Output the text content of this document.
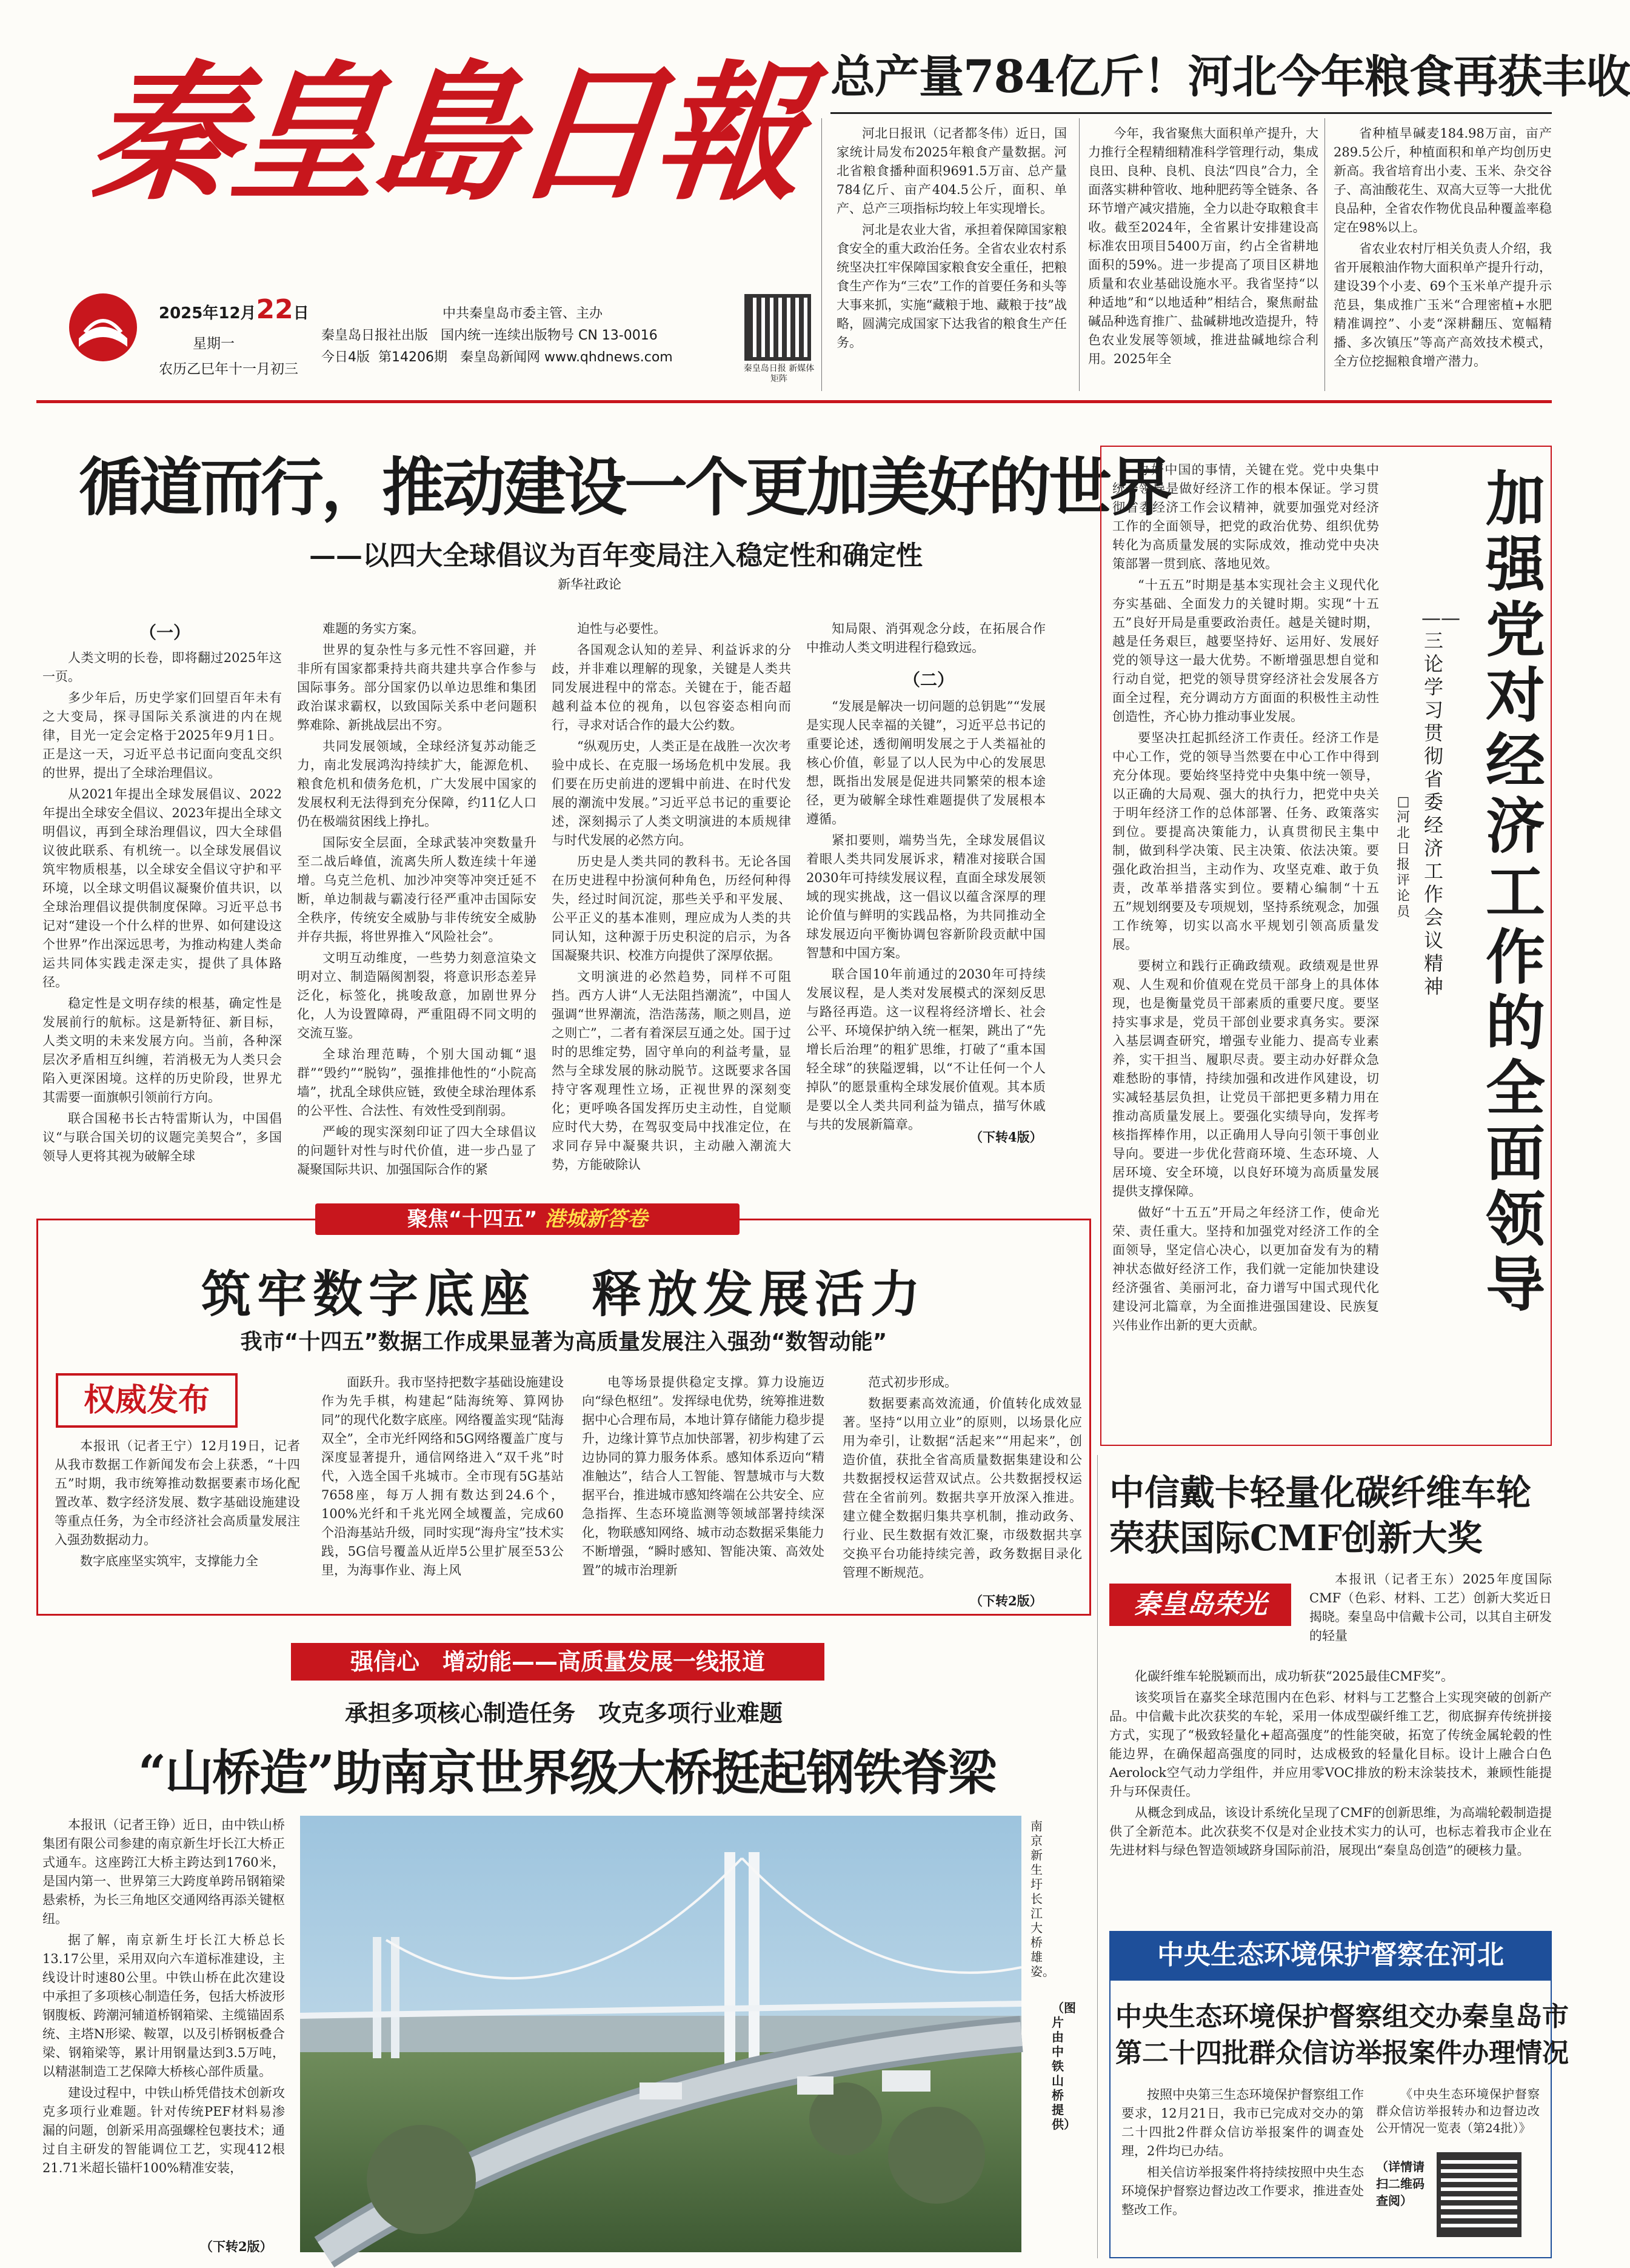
秦皇島日報
2025年12月22日
星期一
农历乙巳年十一月初三
中共秦皇岛市委主管、主办
秦皇岛日报社出版 国内统一连续出版物号 CN 13-0016
今日4版 第14206期 秦皇岛新闻网 www.qhdnews.com
秦皇岛日报 新媒体矩阵
总产量784亿斤！河北今年粮食再获丰收

河北日报讯（记者都冬伟）近日，国家统计局发布2025年粮食产量数据。河北省粮食播种面积9691.5万亩、总产量784亿斤、亩产404.5公斤，面积、单产、总产三项指标均较上年实现增长。

河北是农业大省，承担着保障国家粮食安全的重大政治任务。全省农业农村系统坚决扛牢保障国家粮食安全重任，把粮食生产作为“三农”工作的首要任务和头等大事来抓，实施“藏粮于地、藏粮于技”战略，圆满完成国家下达我省的粮食生产任务。

今年，我省聚焦大面积单产提升，大力推行全程精细精准科学管理行动，集成良田、良种、良机、良法“四良”合力，全面落实耕种管收、地种肥药等全链条、各环节增产减灾措施，全力以赴夺取粮食丰收。截至2024年，全省累计安排建设高标准农田项目5400万亩，约占全省耕地面积的59%。进一步提高了项目区耕地质量和农业基础设施水平。我省坚持“以种适地”和“以地适种”相结合，聚焦耐盐碱品种选育推广、盐碱耕地改造提升，特色农业发展等领域，推进盐碱地综合利用。2025年全

省种植旱碱麦184.98万亩，亩产289.5公斤，种植面积和单产均创历史新高。我省培育出小麦、玉米、杂交谷子、高油酸花生、双高大豆等一大批优良品种，全省农作物优良品种覆盖率稳定在98%以上。

省农业农村厅相关负责人介绍，我省开展粮油作物大面积单产提升行动，建设39个小麦、69个玉米单产提升示范县，集成推广玉米“合理密植+水肥精准调控”、小麦“深耕翻压、宽幅精播、多次镇压”等高产高效技术模式，全方位挖掘粮食增产潜力。

循道而行，推动建设一个更加美好的世界
——以四大全球倡议为百年变局注入稳定性和确定性
新华社政论
（一）

人类文明的长卷，即将翻过2025年这一页。

多少年后，历史学家们回望百年未有之大变局，探寻国际关系演进的内在规律，目光一定会定格于2025年9月1日。正是这一天，习近平总书记面向变乱交织的世界，提出了全球治理倡议。

从2021年提出全球发展倡议、2022年提出全球安全倡议、2023年提出全球文明倡议，再到全球治理倡议，四大全球倡议彼此联系、有机统一。以全球发展倡议筑牢物质根基，以全球安全倡议守护和平环境，以全球文明倡议凝聚价值共识，以全球治理倡议提供制度保障。习近平总书记对“建设一个什么样的世界、如何建设这个世界”作出深远思考，为推动构建人类命运共同体实践走深走实，提供了具体路径。

稳定性是文明存续的根基，确定性是发展前行的航标。这是新特征、新目标，人类文明的未来发展方向。当前，各种深层次矛盾相互纠缠，若消极无为人类只会陷入更深困境。这样的历史阶段，世界尤其需要一面旗帜引领前行方向。

联合国秘书长古特雷斯认为，中国倡议“与联合国关切的议题完美契合”，多国领导人更将其视为破解全球

难题的务实方案。

世界的复杂性与多元性不容回避，并非所有国家都秉持共商共建共享合作参与国际事务。部分国家仍以单边思维和集团政治谋求霸权，以致国际关系中老问题积弊难除、新挑战层出不穷。

共同发展领域，全球经济复苏动能乏力，南北发展鸿沟持续扩大，能源危机、粮食危机和债务危机，广大发展中国家的发展权利无法得到充分保障，约11亿人口仍在极端贫困线上挣扎。

国际安全层面，全球武装冲突数量升至二战后峰值，流离失所人数连续十年递增。乌克兰危机、加沙冲突等冲突迁延不断，单边制裁与霸凌行径严重冲击国际安全秩序，传统安全威胁与非传统安全威胁并存共振，将世界推入“风险社会”。

文明互动维度，一些势力刻意渲染文明对立、制造隔阂割裂，将意识形态差异泛化，标签化，挑唆敌意，加剧世界分化，人为设置障碍，严重阻碍不同文明的交流互鉴。

全球治理范畴，个别大国动辄“退群”“毁约”“脱钩”，强推排他性的“小院高墙”，扰乱全球供应链，致使全球治理体系的公平性、合法性、有效性受到削弱。

严峻的现实深刻印证了四大全球倡议的问题针对性与时代价值，进一步凸显了凝聚国际共识、加强国际合作的紧

迫性与必要性。

各国观念认知的差异、利益诉求的分歧，并非难以理解的现象，关键是人类共同发展进程中的常态。关键在于，能否超越利益本位的视角，以包容姿态相向而行，寻求对话合作的最大公约数。

“纵观历史，人类正是在战胜一次次考验中成长、在克服一场场危机中发展。我们要在历史前进的逻辑中前进、在时代发展的潮流中发展。”习近平总书记的重要论述，深刻揭示了人类文明演进的本质规律与时代发展的必然方向。

历史是人类共同的教科书。无论各国在历史进程中扮演何种角色，历经何种得失，经过时间沉淀，那些关乎和平发展、公平正义的基本准则，理应成为人类的共同认知，这种源于历史积淀的启示，为各国凝聚共识、校准方向提供了深厚依据。

文明演进的必然趋势，同样不可阻挡。西方人讲“人无法阻挡潮流”，中国人强调“世界潮流，浩浩荡荡，顺之则昌，逆之则亡”，二者有着深层互通之处。国于过时的思维定势，固守单向的利益考量，显然与全球发展的脉动脱节。这既要求各国持守客观理性立场，正视世界的深刻变化；更呼唤各国发挥历史主动性，自觉顺应时代大势，在驾驭变局中找准定位，在求同存异中凝聚共识，主动融入潮流大势，方能破除认

知局限、消弭观念分歧，在拓展合作中推动人类文明进程行稳致远。

（二）

“发展是解决一切问题的总钥匙”“发展是实现人民幸福的关键”，习近平总书记的重要论述，透彻阐明发展之于人类福祉的核心价值，彰显了以人民为中心的发展思想，既指出发展是促进共同繁荣的根本途径，更为破解全球性难题提供了发展根本遵循。

紧扣要则，端势当先，全球发展倡议着眼人类共同发展诉求，精准对接联合国2030年可持续发展议程，直面全球发展领域的现实挑战，这一倡议以蕴含深厚的理论价值与鲜明的实践品格，为共同推动全球发展迈向平衡协调包容新阶段贡献中国智慧和中国方案。

联合国10年前通过的2030年可持续发展议程，是人类对发展模式的深刻反思与路径再造。这一议程将经济增长、社会公平、环境保护纳入统一框架，跳出了“先增长后治理”的粗犷思维，打破了“重本国轻全球”的狭隘逻辑，以“不让任何一个人掉队”的愿景重构全球发展价值观。其本质是要以全人类共同利益为锚点，描写休戚与共的发展新篇章。

（下转4版）
加强党对经济工作的全面领导
——三论学习贯彻省委经济工作会议精神
□河北日报评论员

办好中国的事情，关键在党。党中央集中统一领导是做好经济工作的根本保证。学习贯彻省委经济工作会议精神，就要加强党对经济工作的全面领导，把党的政治优势、组织优势转化为高质量发展的实际成效，推动党中央决策部署一贯到底、落地见效。

“十五五”时期是基本实现社会主义现代化夯实基础、全面发力的关键时期。实现“十五五”良好开局是重要政治责任。越是关键时期，越是任务艰巨，越要坚持好、运用好、发展好党的领导这一最大优势。不断增强思想自觉和行动自觉，把党的领导贯穿经济社会发展各方面全过程，充分调动方方面面的积极性主动性创造性，齐心协力推动事业发展。

要坚决扛起抓经济工作责任。经济工作是中心工作，党的领导当然要在中心工作中得到充分体现。要始终坚持党中央集中统一领导，以正确的大局观、强大的执行力，把党中央关于明年经济工作的总体部署、任务、政策落实到位。要提高决策能力，认真贯彻民主集中制，做到科学决策、民主决策、依法决策。要强化政治担当，主动作为、攻坚克难、敢于负责，改革举措落实到位。要精心编制“十五五”规划纲要及专项规划，坚持系统观念，加强工作统筹，切实以高水平规划引领高质量发展。

要树立和践行正确政绩观。政绩观是世界观、人生观和价值观在党员干部身上的具体体现，也是衡量党员干部素质的重要尺度。要坚持实事求是，党员干部创业要求真务实。要深入基层调查研究，增强专业能力、提高专业素养，实干担当、履职尽责。要主动办好群众急难愁盼的事情，持续加强和改进作风建设，切实减轻基层负担，让党员干部把更多精力用在推动高质量发展上。要强化实绩导向，发挥考核指挥棒作用，以正确用人导向引领干事创业导向。要进一步优化营商环境、生态环境、人居环境、安全环境，以良好环境为高质量发展提供支撑保障。

做好“十五五”开局之年经济工作，使命光荣、责任重大。坚持和加强党对经济工作的全面领导，坚定信心决心，以更加奋发有为的精神状态做好经济工作，我们就一定能加快建设经济强省、美丽河北，奋力谱写中国式现代化建设河北篇章，为全面推进强国建设、民族复兴伟业作出新的更大贡献。

聚焦“十四五” 港城新答卷
筑牢数字底座　释放发展活力
我市“十四五”数据工作成果显著为高质量发展注入强劲“数智动能”
权威发布

本报讯（记者王宁）12月19日，记者从我市数据工作新闻发布会上获悉，“十四五”时期，我市统筹推动数据要素市场化配置改革、数字经济发展、数字基础设施建设等重点任务，为全市经济社会高质量发展注入强劲数据动力。

数字底座坚实筑牢，支撑能力全

面跃升。我市坚持把数字基础设施建设作为先手棋，构建起“陆海统筹、算网协同”的现代化数字底座。网络覆盖实现“陆海双全”，全市光纤网络和5G网络覆盖广度与深度显著提升，通信网络进入“双千兆”时代，入选全国千兆城市。全市现有5G基站7658座，每万人拥有数达到24.6个，100%光纤和千兆光网全域覆盖，完成60个沿海基站升级，同时实现“海舟宝”技术实践，5G信号覆盖从近岸5公里扩展至53公里，为海事作业、海上风

电等场景提供稳定支撑。算力设施迈向“绿色枢纽”。发挥绿电优势，统筹推进数据中心合理布局，本地计算存储能力稳步提升，边缘计算节点加快部署，初步构建了云边协同的算力服务体系。感知体系迈向“精准触达”，结合人工智能、智慧城市与大数据平台，推进城市感知终端在公共安全、应急指挥、生态环境监测等领域部署持续深化，物联感知网络、城市动态数据采集能力不断增强，“瞬时感知、智能决策、高效处置”的城市治理新

范式初步形成。

数据要素高效流通，价值转化成效显著。坚持“以用立业”的原则，以场景化应用为牵引，让数据“活起来”“用起来”，创造价值，获批全省高质量数据集建设和公共数据授权运营双试点。公共数据授权运营在全省前列。数据共享开放深入推进。建立健全数据归集共享机制，推动政务、行业、民生数据有效汇聚，市级数据共享交换平台功能持续完善，政务数据目录化管理不断规范。

（下转2版）
中信戴卡轻量化碳纤维车轮
荣获国际CMF创新大奖
秦皇岛荣光

本报讯（记者王东）2025年度国际CMF（色彩、材料、工艺）创新大奖近日揭晓。秦皇岛中信戴卡公司，以其自主研发的轻量

化碳纤维车轮脱颖而出，成功斩获“2025最佳CMF奖”。

该奖项旨在嘉奖全球范围内在色彩、材料与工艺整合上实现突破的创新产品。中信戴卡此次获奖的车轮，采用一体成型碳纤维工艺，彻底摒弃传统拼接方式，实现了“极致轻量化+超高强度”的性能突破，拓宽了传统金属轮毂的性能边界，在确保超高强度的同时，达成极致的轻量化目标。设计上融合白色Aerolock空气动力学组件，并应用零VOC排放的粉末涂装技术，兼顾性能提升与环保责任。

从概念到成品，该设计系统化呈现了CMF的创新思维，为高端轮毂制造提供了全新范本。此次获奖不仅是对企业技术实力的认可，也标志着我市企业在先进材料与绿色智造领域跻身国际前沿，展现出“秦皇岛创造”的硬核力量。

强信心　增动能——高质量发展一线报道
承担多项核心制造任务　攻克多项行业难题
“山桥造”助南京世界级大桥挺起钢铁脊梁

本报讯（记者王铮）近日，由中铁山桥集团有限公司参建的南京新生圩长江大桥正式通车。这座跨江大桥主跨达到1760米，是国内第一、世界第三大跨度单跨吊钢箱梁悬索桥，为长三角地区交通网络再添关键枢纽。

据了解，南京新生圩长江大桥总长13.17公里，采用双向六车道标准建设，主线设计时速80公里。中铁山桥在此次建设中承担了多项核心制造任务，包括大桥波形钢腹板、跨潮河辅道桥钢箱梁、主缆锚固系统、主塔N形梁、鞍罩，以及引桥钢板叠合梁、钢箱梁等，累计用钢量达到3.5万吨，以精湛制造工艺保障大桥核心部件质量。

建设过程中，中铁山桥凭借技术创新攻克多项行业难题。针对传统PEF材料易渗漏的问题，创新采用高强螺栓包裹技术；通过自主研发的智能调位工艺，实现412根21.71米超长锚杆100%精准安装，

（下转2版）
南京新生圩长江大桥雄姿。
（图片由中铁山桥提供）
中央生态环境保护督察在河北
中央生态环境保护督察组交办秦皇岛市
第二十四批群众信访举报案件办理情况

按照中央第三生态环境保护督察组工作要求，12月21日，我市已完成对交办的第二十四批2件群众信访举报案件的调查处理，2件均已办结。

相关信访举报案件将持续按照中央生态环境保护督察边督边改工作要求，推进查处整改工作。

《中央生态环境保护督察群众信访举报转办和边督边改公开情况一览表（第24批）》

（详情请扫二维码查阅）
